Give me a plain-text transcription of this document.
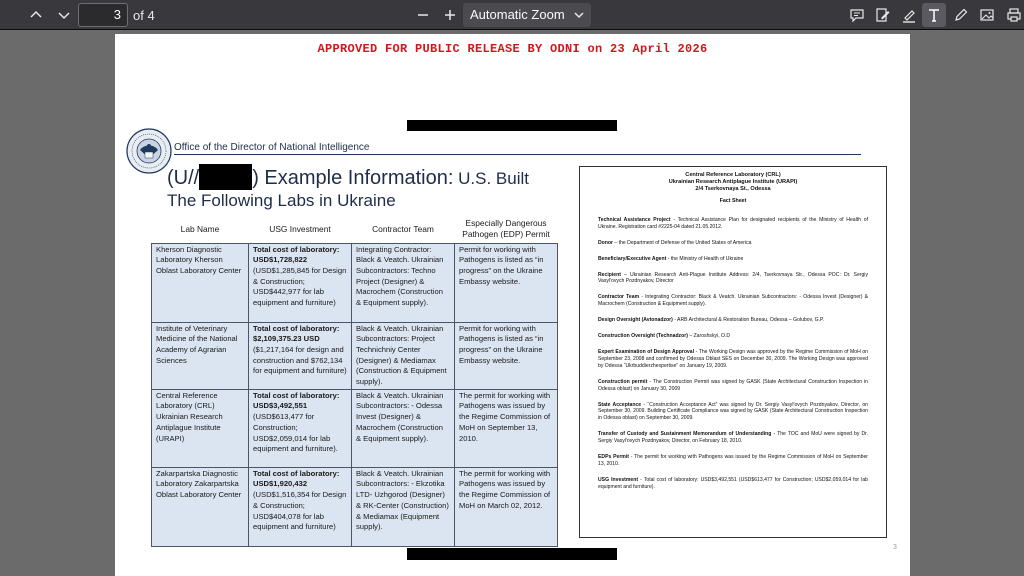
3 of 4	Automatic Zoom
APPROVED FOR PUBLIC RELEASE BY ODNI on 23 April 2026
Office of the Director of National Intelligence
(U//	) Example Information: U.S. Built
The Following Labs in Ukraine
Lab Name	USG Investment	Contractor Team	Especially Dangerous Pathogen (EDP) Permit
Kherson Diagnostic Laboratory Kherson Oblast Laboratory Center	Total cost of laboratory: USD$1,728,822 (USD$1,285,845 for Design & Construction; USD$442,977 for lab equipment and furniture)	Integrating Contractor: Black & Veatch. Ukrainian Subcontractors: Techno Project (Designer) & Macrochem (Construction & Equipment supply).	Permit for working with Pathogens is listed as “in progress” on the Ukraine Embassy website.
Institute of Veterinary Medicine of the National Academy of Agrarian Sciences	Total cost of laboratory: $2,109,375.23 USD ($1,217,164 for design and construction and $762,134 for equipment and furniture)	Black & Veatch. Ukrainian Subcontractors: Project Technichniy Center (Designer) & Mediamax (Construction & Equipment supply).	Permit for working with Pathogens is listed as “in progress” on the Ukraine Embassy website.
Central Reference Laboratory (CRL) Ukrainian Research Antiplague Institute (URAPI)	Total cost of laboratory: USD$3,492,551 (USD$613,477 for Construction; USD$2,059,014 for lab equipment and furniture).	Black & Veatch. Ukrainian Subcontractors: - Odessa Invest (Designer) & Macrochem (Construction & Equipment supply).	The permit for working with Pathogens was issued by the Regime Commission of MoH on September 13, 2010.
Zakarpartska Diagnostic Laboratory Zakarpartska Oblast Laboratory Center	Total cost of laboratory: USD$1,920,432 (USD$1,516,354 for Design & Construction; USD$404,078 for lab equipment and furniture)	Black & Veatch. Ukrainian Subcontractors: - Ekzotika LTD- Uzhgorod (Designer) & RK-Center (Construction) & Mediamax (Equipment supply).	The permit for working with Pathogens was issued by the Regime Commission of MoH on March 02, 2012.
Central Reference Laboratory (CRL)
Ukrainian Research Antiplague Institute (URAPI)
2/4 Tserkovnaya St., Odessa
Fact Sheet

Technical Assistance Project - Technical Assistance Plan for designated recipients of the Ministry of Health of Ukraine. Registration card #2225-04 dated 21.05.2012.

Donor – the Department of Defense of the United States of America

Beneficiary/Executive Agent - the Ministry of Health of Ukraine

Recipient – Ukrainian Research Anti-Plague Institute Address: 2/4, Tserkovnaya Str., Odessa POC: Dr. Sergiy Vasyl'ovych Pozdnyakov, Director

Contractor Team - Integrating Contractor: Black & Veatch. Ukrainian Subcontractors: - Odessa Invest (Designer) & Macrochem (Construction & Equipment supply).

Design Oversight (Avtonadzor) - ARB Architectural & Restoration Bureau, Odessa – Golubov, G.P.

Construction Oversight (Technadzor) – Zaroshskyi, O.D

Expert Examination of Design Approval - The Working Design was approved by the Regime Commission of MoH on September 23, 2008 and confirmed by Odessa Oblast SES on December 30, 2009. The Working Design was approved by Odessa “Ukrbuddierzhexpertise” on January 19, 2009.

Construction permit - The Construction Permit was signed by GASK (State Architectural Construction Inspection in Odessa oblast) on January 30, 2009

State Acceptance - “Construction Acceptance Act” was signed by Dr. Sergiy Vasyl'ovych Pozdnyakov, Director, on September 30, 2009. Building Certificate Compliance was signed by GASK (State Architectural Construction Inspection in Odessa oblast) on September 30, 2009.

Transfer of Custody and Sustainment Memorandum of Understanding - The TOC and MoU were signed by Dr. Sergiy Vasyl'ovych Pozdnyakov, Director, on February 18, 2010.

EDPs Permit - The permit for working with Pathogens was issued by the Regime Commission of MoH on September 13, 2010.

USG Investment - Total cost of laboratory: USD$3,492,551 (USD$613,477 for Construction; USD$2,059,014 for lab equipment and furniture).

3
